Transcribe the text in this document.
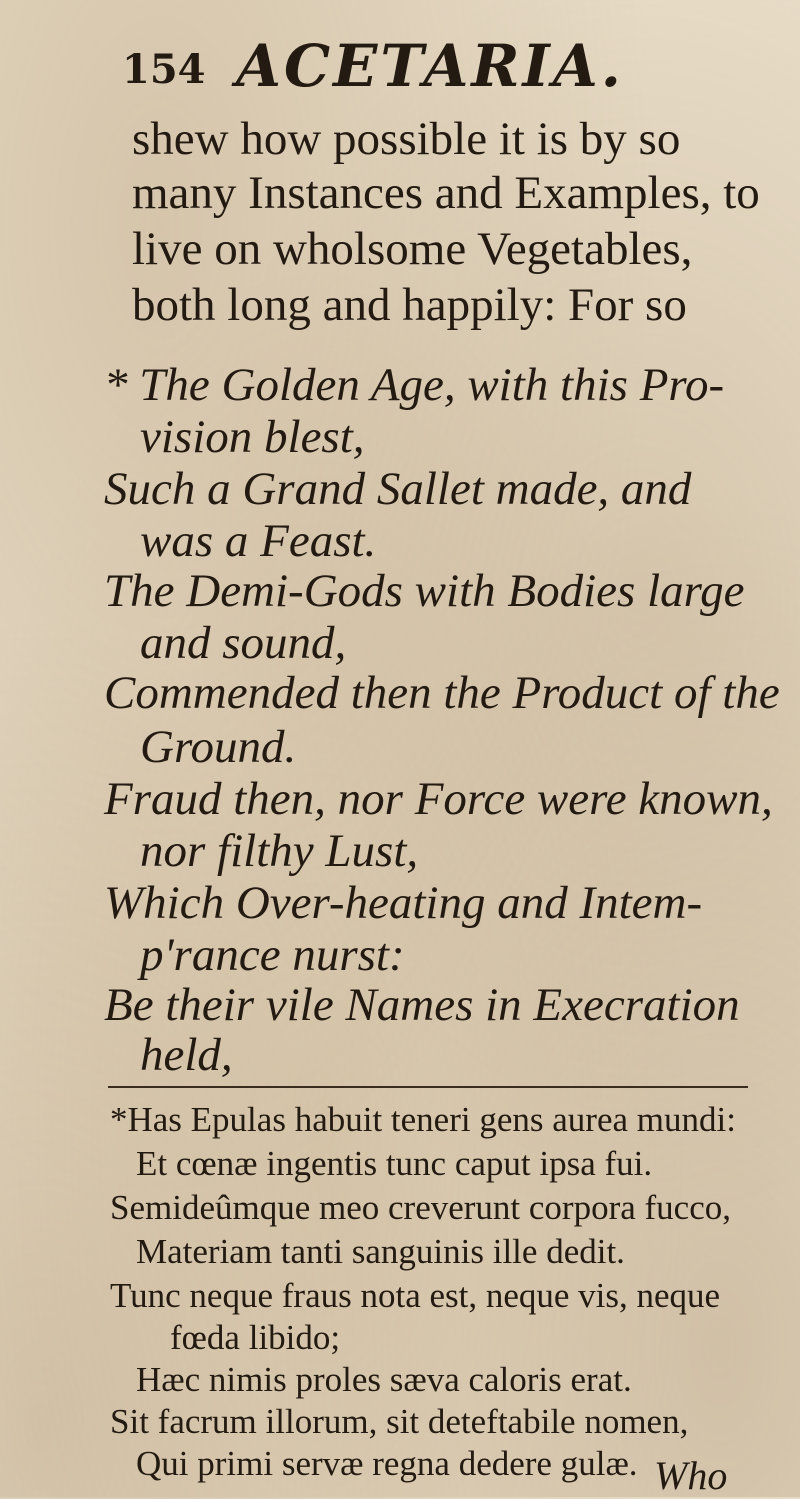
154 ACETARIA.
shew how possible it is by so
many Instances and Examples, to
live on wholsome Vegetables,
both long and happily: For so
* The Golden Age, with this Pro-
vision blest,
Such a Grand Sallet made, and
was a Feast.
The Demi-Gods with Bodies large
and sound,
Commended then the Product of the
Ground.
Fraud then, nor Force were known,
nor filthy Lust,
Which Over-heating and Intem-
p'rance nurst:
Be their vile Names in Execration
held,
*Has Epulas habuit teneri gens aurea mundi:
Et cœnæ ingentis tunc caput ipsa fui.
Semideûmque meo creverunt corpora fucco,
Materiam tanti sanguinis ille dedit.
Tunc neque fraus nota est, neque vis, neque
fœda libido;
Hæc nimis proles sæva caloris erat.
Sit facrum illorum, sit deteftabile nomen,
Qui primi servæ regna dedere gulæ. Who
